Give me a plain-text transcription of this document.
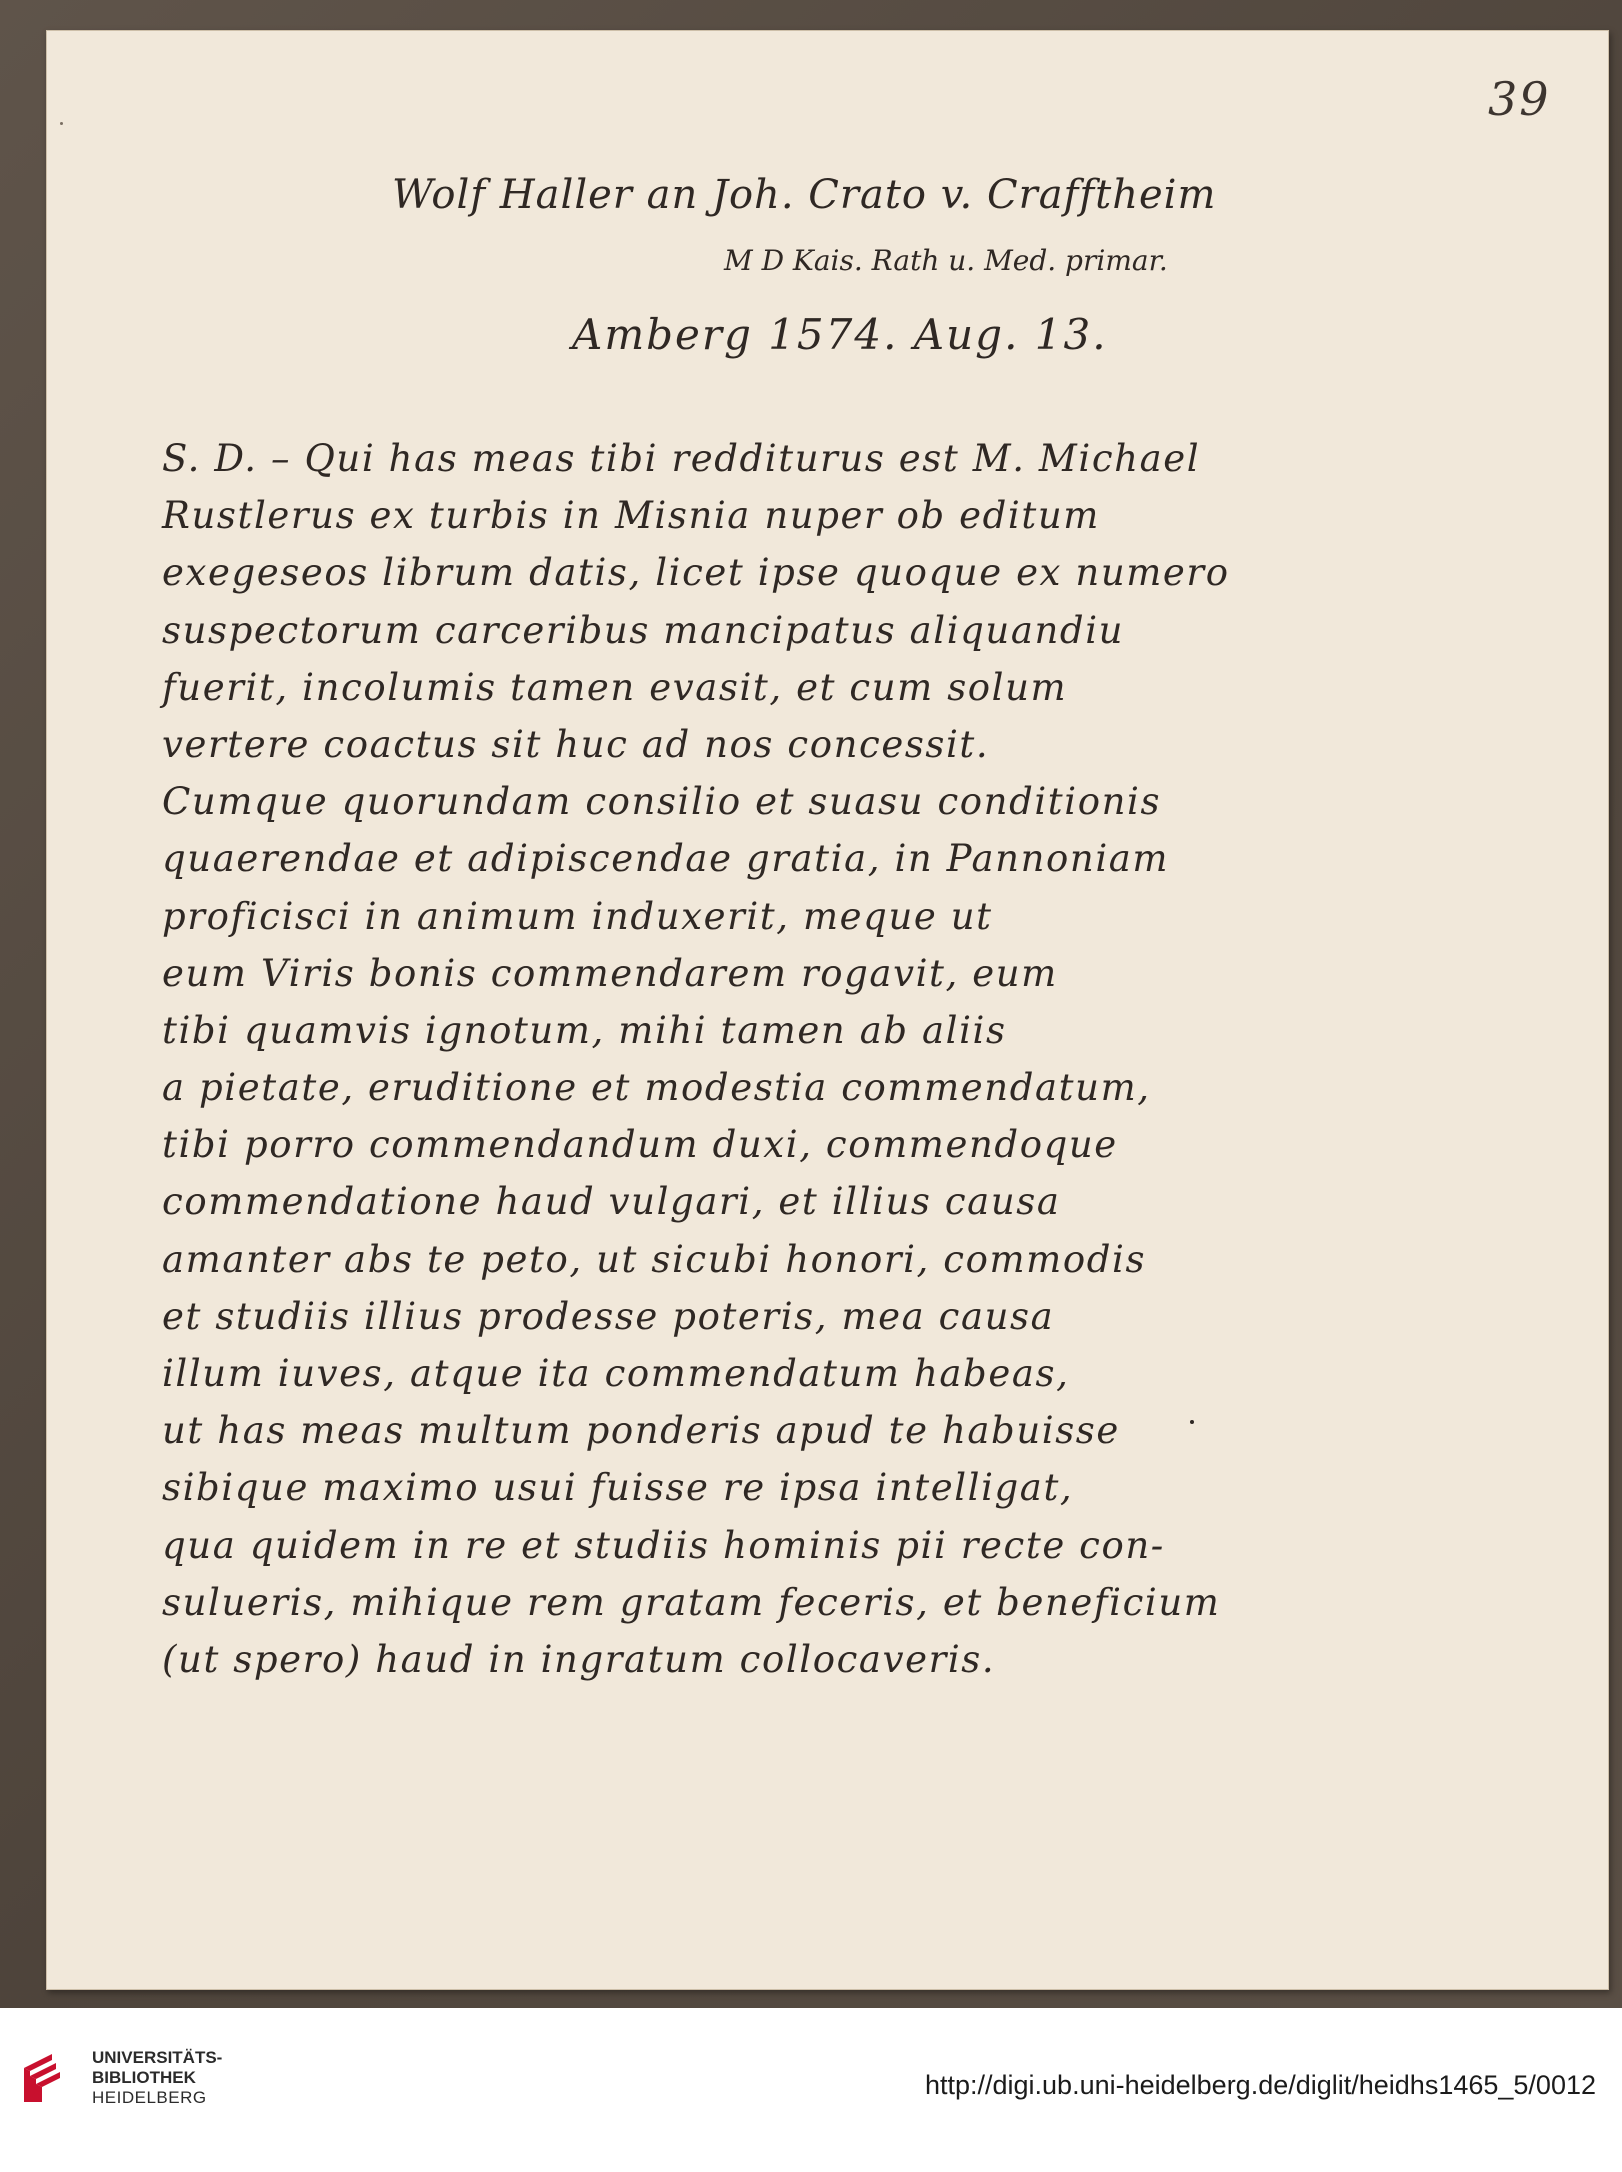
39
Wolf Haller an Joh. Crato v. Crafftheim
M D Kais. Rath u. Med. primar.
Amberg 1574. Aug. 13.
S. D. – Qui has meas tibi redditurus est M. Michael
Rustlerus ex turbis in Misnia nuper ob editum
exegeseos librum datis, licet ipse quoque ex numero
suspectorum carceribus mancipatus aliquandiu
fuerit, incolumis tamen evasit, et cum solum
vertere coactus sit huc ad nos concessit.
Cumque quorundam consilio et suasu conditionis
quaerendae et adipiscendae gratia, in Pannoniam
proficisci in animum induxerit, meque ut
eum Viris bonis commendarem rogavit, eum
tibi quamvis ignotum, mihi tamen ab aliis
a pietate, eruditione et modestia commendatum,
tibi porro commendandum duxi, commendoque
commendatione haud vulgari, et illius causa
amanter abs te peto, ut sicubi honori, commodis
et studiis illius prodesse poteris, mea causa
illum iuves, atque ita commendatum habeas,
ut has meas multum ponderis apud te habuisse
sibique maximo usui fuisse re ipsa intelligat,
qua quidem in re et studiis hominis pii recte con-
sulueris, mihique rem gratam feceris, et beneficium
(ut spero) haud in ingratum collocaveris.
UNIVERSITÄTS-
BIBLIOTHEK
HEIDELBERG	http://digi.ub.uni-heidelberg.de/diglit/heidhs1465_5/0012
